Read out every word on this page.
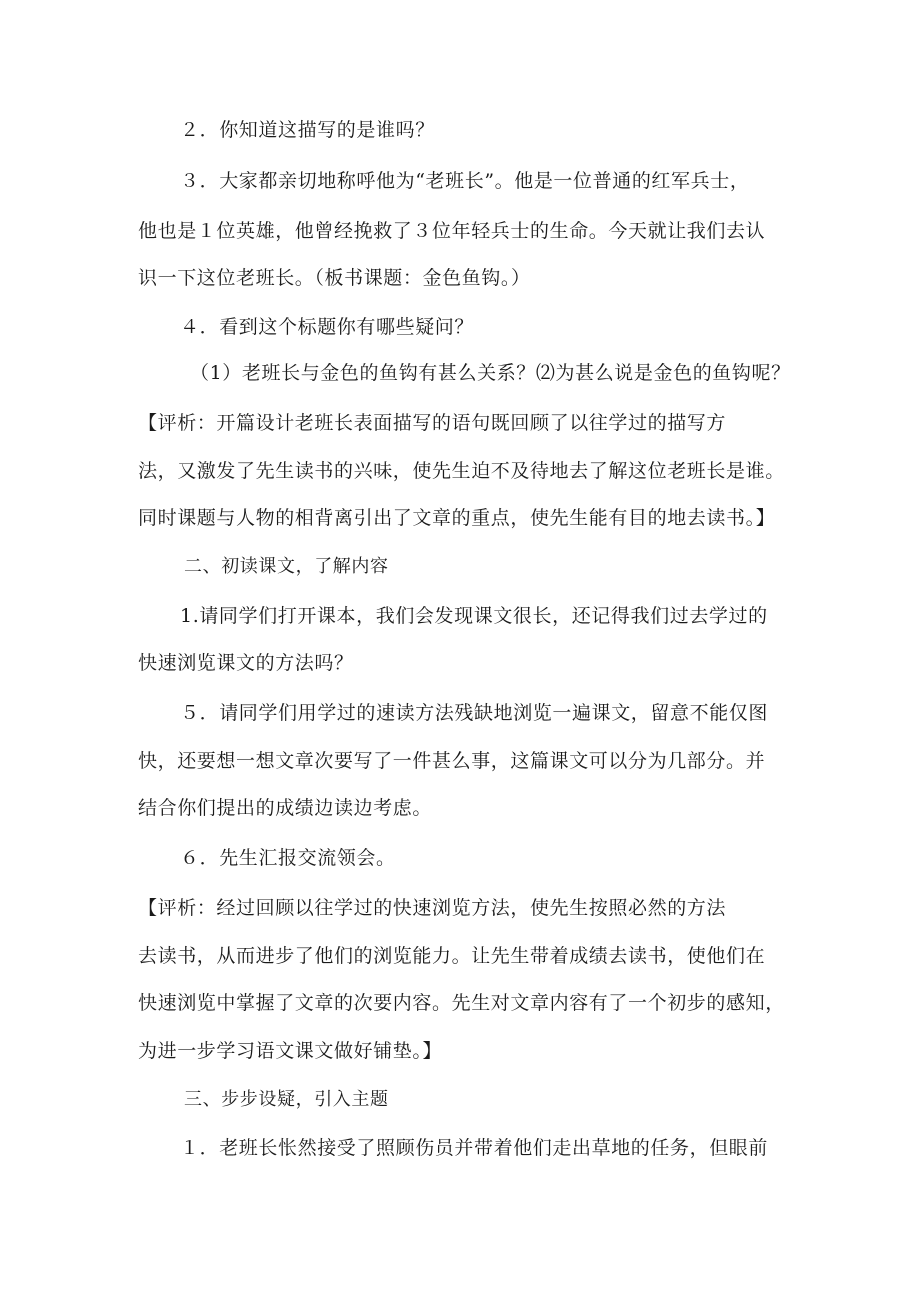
２．你知道这描写的是谁吗？
３．大家都亲切地称呼他为“老班长”。他是一位普通的红军兵士，
他也是１位英雄，他曾经挽救了３位年轻兵士的生命。今天就让我们去认
识一下这位老班长。（板书课题：金色鱼钩。）
４．看到这个标题你有哪些疑问？
（1）老班长与金色的鱼钩有甚么关系？⑵为甚么说是金色的鱼钩呢？
【评析：开篇设计老班长表面描写的语句既回顾了以往学过的描写方
法，又激发了先生读书的兴味，使先生迫不及待地去了解这位老班长是谁。
同时课题与人物的相背离引出了文章的重点，使先生能有目的地去读书。】
二、初读课文，了解内容
1.请同学们打开课本，我们会发现课文很长，还记得我们过去学过的
快速浏览课文的方法吗？
５．请同学们用学过的速读方法残缺地浏览一遍课文，留意不能仅图
快，还要想一想文章次要写了一件甚么事，这篇课文可以分为几部分。并
结合你们提出的成绩边读边考虑。
６．先生汇报交流领会。
【评析：经过回顾以往学过的快速浏览方法，使先生按照必然的方法
去读书，从而进步了他们的浏览能力。让先生带着成绩去读书，使他们在
快速浏览中掌握了文章的次要内容。先生对文章内容有了一个初步的感知，
为进一步学习语文课文做好铺垫。】
三、步步设疑，引入主题
１．老班长怅然接受了照顾伤员并带着他们走出草地的任务，但眼前
